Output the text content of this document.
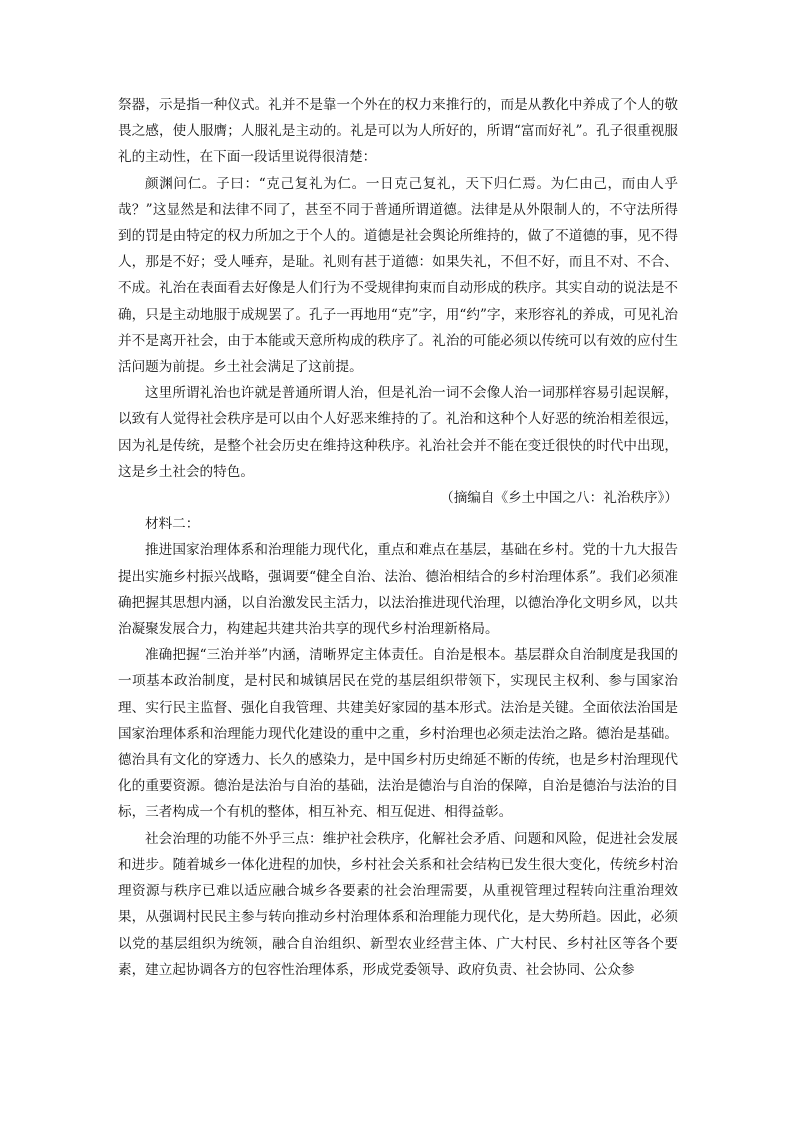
祭器，示是指一种仪式。礼并不是靠一个外在的权力来推行的，而是从教化中养成了个人的敬畏之感，使人服膺；人服礼是主动的。礼是可以为人所好的，所谓“富而好礼”。孔子很重视服礼的主动性，在下面一段话里说得很清楚：

颜渊问仁。子曰：“克己复礼为仁。一日克己复礼，天下归仁焉。为仁由己，而由人乎哉？”这显然是和法律不同了，甚至不同于普通所谓道德。法律是从外限制人的，不守法所得到的罚是由特定的权力所加之于个人的。道德是社会舆论所维持的，做了不道德的事，见不得人，那是不好；受人唾弃，是耻。礼则有甚于道德：如果失礼，不但不好，而且不对、不合、不成。礼治在表面看去好像是人们行为不受规律拘束而自动形成的秩序。其实自动的说法是不确，只是主动地服于成规罢了。孔子一再地用“克”字，用“约”字，来形容礼的养成，可见礼治并不是离开社会，由于本能或天意所构成的秩序了。礼治的可能必须以传统可以有效的应付生活问题为前提。乡土社会满足了这前提。

这里所谓礼治也许就是普通所谓人治，但是礼治一词不会像人治一词那样容易引起误解，以致有人觉得社会秩序是可以由个人好恶来维持的了。礼治和这种个人好恶的统治相差很远，因为礼是传统，是整个社会历史在维持这种秩序。礼治社会并不能在变迁很快的时代中出现，这是乡土社会的特色。

（摘编自《乡土中国之八：礼治秩序》）

材料二：

推进国家治理体系和治理能力现代化，重点和难点在基层，基础在乡村。党的十九大报告提出实施乡村振兴战略，强调要“健全自治、法治、德治相结合的乡村治理体系”。我们必须准确把握其思想内涵，以自治激发民主活力，以法治推进现代治理，以德治净化文明乡风，以共治凝聚发展合力，构建起共建共治共享的现代乡村治理新格局。

准确把握“三治并举”内涵，清晰界定主体责任。自治是根本。基层群众自治制度是我国的一项基本政治制度，是村民和城镇居民在党的基层组织带领下，实现民主权利、参与国家治理、实行民主监督、强化自我管理、共建美好家园的基本形式。法治是关键。全面依法治国是国家治理体系和治理能力现代化建设的重中之重，乡村治理也必须走法治之路。德治是基础。德治具有文化的穿透力、长久的感染力，是中国乡村历史绵延不断的传统，也是乡村治理现代化的重要资源。德治是法治与自治的基础，法治是德治与自治的保障，自治是德治与法治的目标，三者构成一个有机的整体，相互补充、相互促进、相得益彰。

社会治理的功能不外乎三点：维护社会秩序，化解社会矛盾、问题和风险，促进社会发展和进步。随着城乡一体化进程的加快，乡村社会关系和社会结构已发生很大变化，传统乡村治理资源与秩序已难以适应融合城乡各要素的社会治理需要，从重视管理过程转向注重治理效果，从强调村民民主参与转向推动乡村治理体系和治理能力现代化，是大势所趋。因此，必须以党的基层组织为统领，融合自治组织、新型农业经营主体、广大村民、乡村社区等各个要素，建立起协调各方的包容性治理体系，形成党委领导、政府负责、社会协同、公众参
